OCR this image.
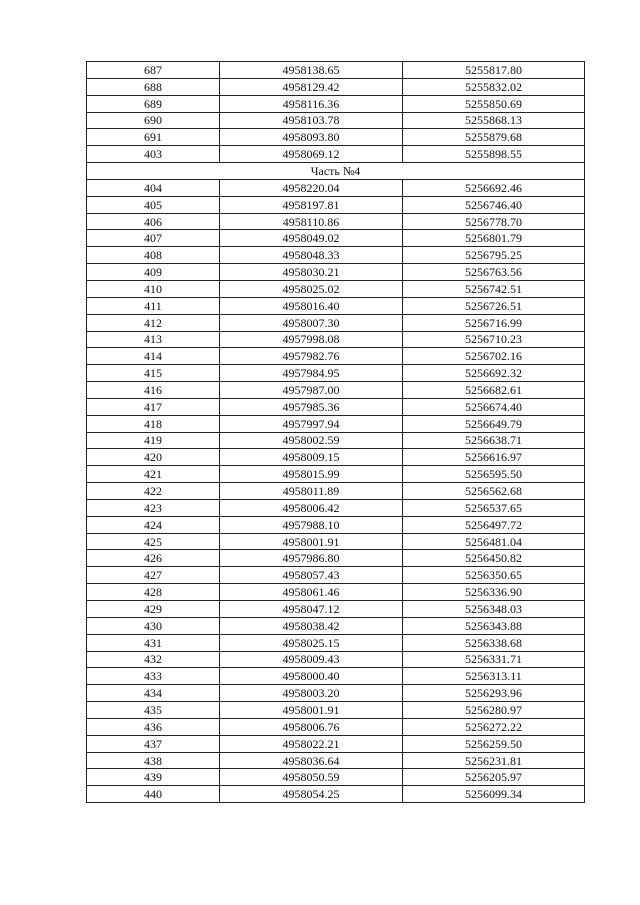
687	4958138.65	5255817.80
688	4958129.42	5255832.02
689	4958116.36	5255850.69
690	4958103.78	5255868.13
691	4958093.80	5255879.68
403	4958069.12	5255898.55
Часть №4		
404	4958220.04	5256692.46
405	4958197.81	5256746.40
406	4958110.86	5256778.70
407	4958049.02	5256801.79
408	4958048.33	5256795.25
409	4958030.21	5256763.56
410	4958025.02	5256742.51
411	4958016.40	5256726.51
412	4958007.30	5256716.99
413	4957998.08	5256710.23
414	4957982.76	5256702.16
415	4957984.95	5256692.32
416	4957987.00	5256682.61
417	4957985.36	5256674.40
418	4957997.94	5256649.79
419	4958002.59	5256638.71
420	4958009.15	5256616.97
421	4958015.99	5256595.50
422	4958011.89	5256562.68
423	4958006.42	5256537.65
424	4957988.10	5256497.72
425	4958001.91	5256481.04
426	4957986.80	5256450.82
427	4958057.43	5256350.65
428	4958061.46	5256336.90
429	4958047.12	5256348.03
430	4958038.42	5256343.88
431	4958025.15	5256338.68
432	4958009.43	5256331.71
433	4958000.40	5256313.11
434	4958003.20	5256293.96
435	4958001.91	5256280.97
436	4958006.76	5256272.22
437	4958022.21	5256259.50
438	4958036.64	5256231.81
439	4958050.59	5256205.97
440	4958054.25	5256099.34
